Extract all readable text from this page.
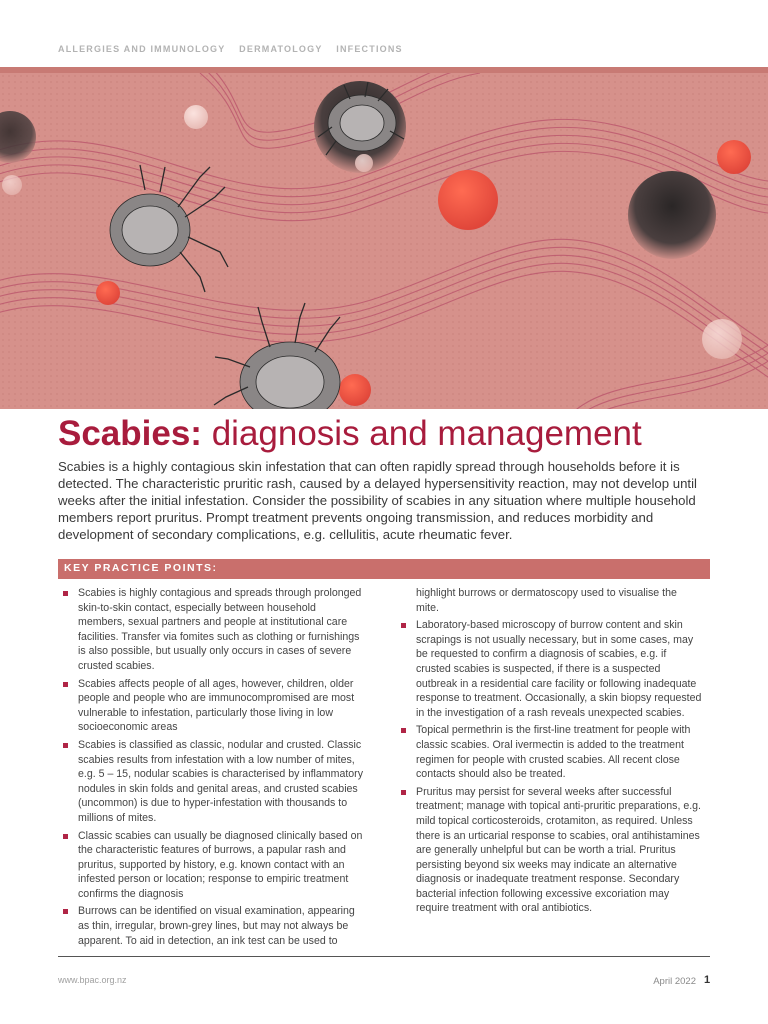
ALLERGIES AND IMMUNOLOGY DERMATOLOGY INFECTIONS
Scabies: diagnosis and management

Scabies is a highly contagious skin infestation that can often rapidly spread through households before it is detected. The characteristic pruritic rash, caused by a delayed hypersensitivity reaction, may not develop until weeks after the initial infestation. Consider the possibility of scabies in any situation where multiple household members report pruritus. Prompt treatment prevents ongoing transmission, and reduces morbidity and development of secondary complications, e.g. cellulitis, acute rheumatic fever.

KEY PRACTICE POINTS:
Scabies is highly contagious and spreads through prolonged skin-to-skin contact, especially between household members, sexual partners and people at institutional care facilities. Transfer via fomites such as clothing or furnishings is also possible, but usually only occurs in cases of severe crusted scabies.
Scabies affects people of all ages, however, children, older people and people who are immunocompromised are most vulnerable to infestation, particularly those living in low socioeconomic areas
Scabies is classified as classic, nodular and crusted. Classic scabies results from infestation with a low number of mites, e.g. 5 – 15, nodular scabies is characterised by inflammatory nodules in skin folds and genital areas, and crusted scabies (uncommon) is due to hyper-infestation with thousands to millions of mites.
Classic scabies can usually be diagnosed clinically based on the characteristic features of burrows, a papular rash and pruritus, supported by history, e.g. known contact with an infested person or location; response to empiric treatment confirms the diagnosis
Burrows can be identified on visual examination, appearing as thin, irregular, brown-grey lines, but may not always be apparent. To aid in detection, an ink test can be used to
highlight burrows or dermatoscopy used to visualise the mite.
Laboratory-based microscopy of burrow content and skin scrapings is not usually necessary, but in some cases, may be requested to confirm a diagnosis of scabies, e.g. if crusted scabies is suspected, if there is a suspected outbreak in a residential care facility or following inadequate response to treatment. Occasionally, a skin biopsy requested in the investigation of a rash reveals unexpected scabies.
Topical permethrin is the first-line treatment for people with classic scabies. Oral ivermectin is added to the treatment regimen for people with crusted scabies. All recent close contacts should also be treated.
Pruritus may persist for several weeks after successful treatment; manage with topical anti-pruritic preparations, e.g. mild topical corticosteroids, crotamiton, as required. Unless there is an urticarial response to scabies, oral antihistamines are generally unhelpful but can be worth a trial. Pruritus persisting beyond six weeks may indicate an alternative diagnosis or inadequate treatment response. Secondary bacterial infection following excessive excoriation may require treatment with oral antibiotics.
www.bpac.org.nz	April 2022 1
